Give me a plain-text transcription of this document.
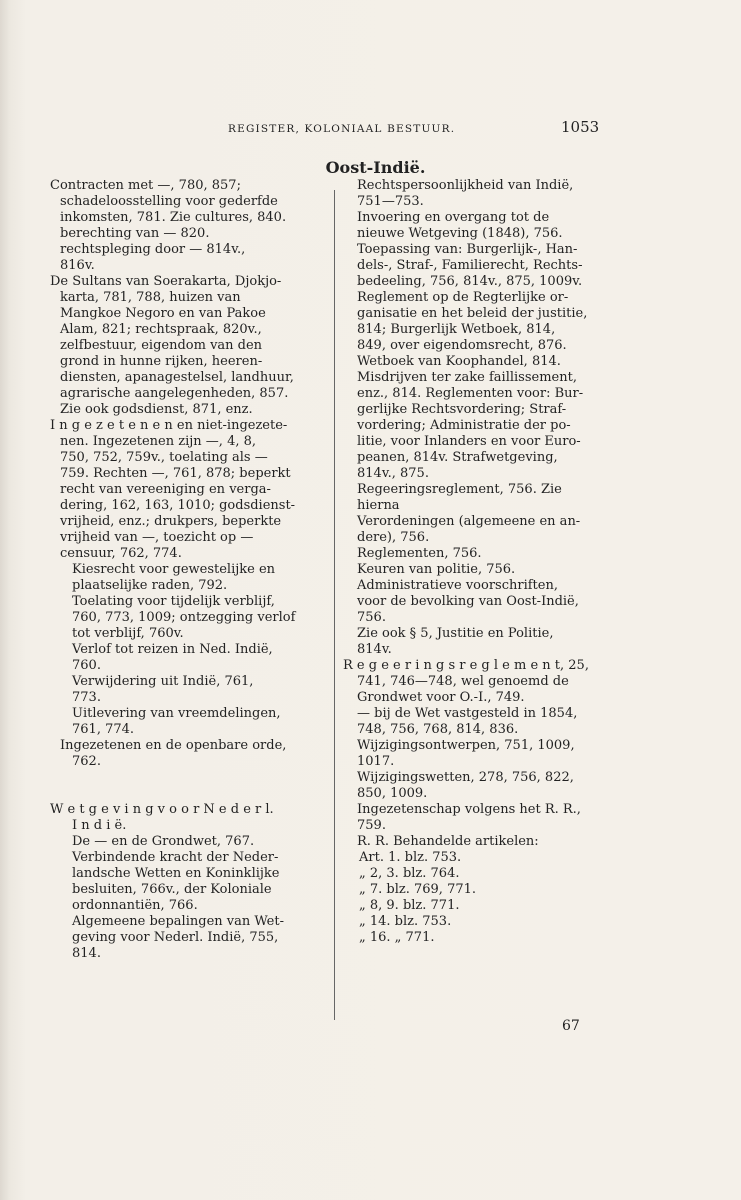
REGISTER, KOLONIAAL BESTUUR.	1053
Oost-Indië.
Contracten met —, 780, 857;
schadeloosstelling voor gederfde
inkomsten, 781. Zie cultures, 840.
berechting van — 820.
rechtspleging door — 814v.,
816v.
De Sultans van Soerakarta, Djokjo-
karta, 781, 788, huizen van
Mangkoe Negoro en van Pakoe
Alam, 821; rechtspraak, 820v.,
zelfbestuur, eigendom van den
grond in hunne rijken, heeren-
diensten, apanagestelsel, landhuur,
agrarische aangelegenheden, 857.
Zie ook godsdienst, 871, enz.
I n g e z e t e n e n en niet-ingezete-
nen. Ingezetenen zijn —, 4, 8,
750, 752, 759v., toelating als —
759. Rechten —, 761, 878; beperkt
recht van vereeniging en verga-
dering, 162, 163, 1010; godsdienst-
vrijheid, enz.; drukpers, beperkte
vrijheid van —, toezicht op —
censuur, 762, 774.
Kiesrecht voor gewestelijke en
plaatselijke raden, 792.
Toelating voor tijdelijk verblijf,
760, 773, 1009; ontzegging verlof
tot verblijf, 760v.
Verlof tot reizen in Ned. Indië,
760.
Verwijdering uit Indië, 761,
773.
Uitlevering van vreemdelingen,
761, 774.
Ingezetenen en de openbare orde,
762.
W e t g e v i n g v o o r N e d e r l.
I n d i ë.
De — en de Grondwet, 767.
Verbindende kracht der Neder-
landsche Wetten en Koninklijke
besluiten, 766v., der Koloniale
ordonnantiën, 766.
Algemeene bepalingen van Wet-
geving voor Nederl. Indië, 755,
814.
Rechtspersoonlijkheid van Indië,
751—753.
Invoering en overgang tot de
nieuwe Wetgeving (1848), 756.
Toepassing van: Burgerlijk-, Han-
dels-, Straf-, Familierecht, Rechts-
bedeeling, 756, 814v., 875, 1009v.
Reglement op de Regterlijke or-
ganisatie en het beleid der justitie,
814; Burgerlijk Wetboek, 814,
849, over eigendomsrecht, 876.
Wetboek van Koophandel, 814.
Misdrijven ter zake faillissement,
enz., 814. Reglementen voor: Bur-
gerlijke Rechtsvordering; Straf-
vordering; Administratie der po-
litie, voor Inlanders en voor Euro-
peanen, 814v. Strafwetgeving,
814v., 875.
Regeeringsreglement, 756. Zie
hierna
Verordeningen (algemeene en an-
dere), 756.
Reglementen, 756.
Keuren van politie, 756.
Administratieve voorschriften,
voor de bevolking van Oost-Indië,
756.
Zie ook § 5, Justitie en Politie,
814v.
R e g e e r i n g s r e g l e m e n t, 25,
741, 746—748, wel genoemd de
Grondwet voor O.-I., 749.
— bij de Wet vastgesteld in 1854,
748, 756, 768, 814, 836.
Wijzigingsontwerpen, 751, 1009,
1017.
Wijzigingswetten, 278, 756, 822,
850, 1009.
Ingezetenschap volgens het R. R.,
759.
R. R. Behandelde artikelen:
Art. 1. blz. 753.
„ 2, 3. blz. 764.
„ 7. blz. 769, 771.
„ 8, 9. blz. 771.
„ 14. blz. 753.
„ 16. „ 771.
67
